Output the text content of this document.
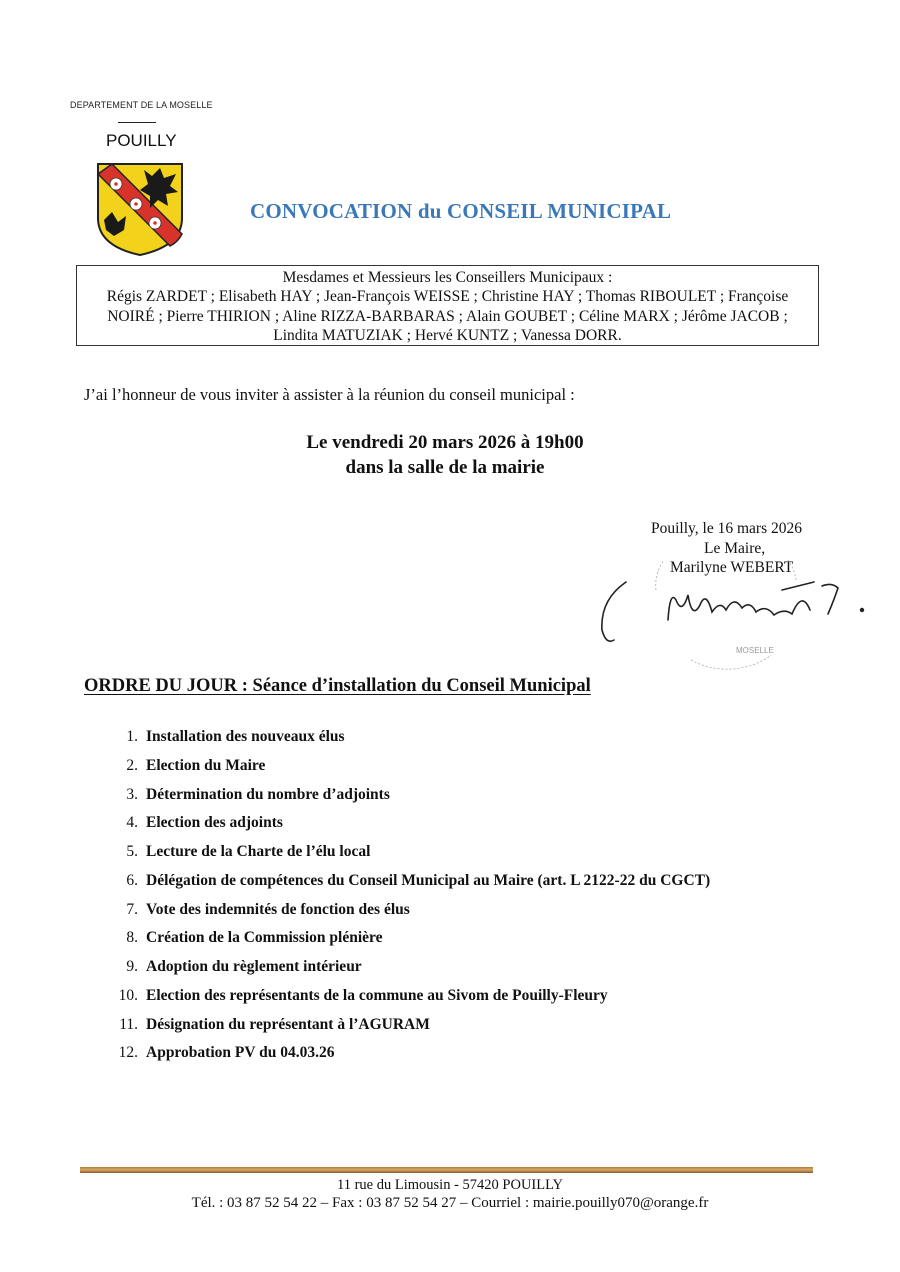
DEPARTEMENT DE LA MOSELLE
POUILLY
CONVOCATION du CONSEIL MUNICIPAL

Mesdames et Messieurs les Conseillers Municipaux :

Régis ZARDET ; Elisabeth HAY ; Jean-François WEISSE ; Christine HAY ; Thomas RIBOULET ; Françoise

NOIRÉ ; Pierre THIRION ; Aline RIZZA-BARBARAS ; Alain GOUBET ; Céline MARX ; Jérôme JACOB ;

Lindita MATUZIAK ; Hervé KUNTZ ; Vanessa DORR.

J’ai l’honneur de vous inviter à assister à la réunion du conseil municipal :
Le vendredi 20 mars 2026 à 19h00
dans la salle de la mairie
Pouilly, le 16 mars 2026
Le Maire,
Marilyne WEBERT
MOSELLE
ORDRE DU JOUR : Séance d’installation du Conseil Municipal
1. Installation des nouveaux élus
2. Election du Maire
3. Détermination du nombre d’adjoints
4. Election des adjoints
5. Lecture de la Charte de l’élu local
6. Délégation de compétences du Conseil Municipal au Maire (art. L 2122-22 du CGCT)
7. Vote des indemnités de fonction des élus
8. Création de la Commission plénière
9. Adoption du règlement intérieur
10. Election des représentants de la commune au Sivom de Pouilly-Fleury
11. Désignation du représentant à l’AGURAM
12. Approbation PV du 04.03.26
11 rue du Limousin - 57420 POUILLY
Tél. : 03 87 52 54 22 – Fax : 03 87 52 54 27 – Courriel : mairie.pouilly070@orange.fr
